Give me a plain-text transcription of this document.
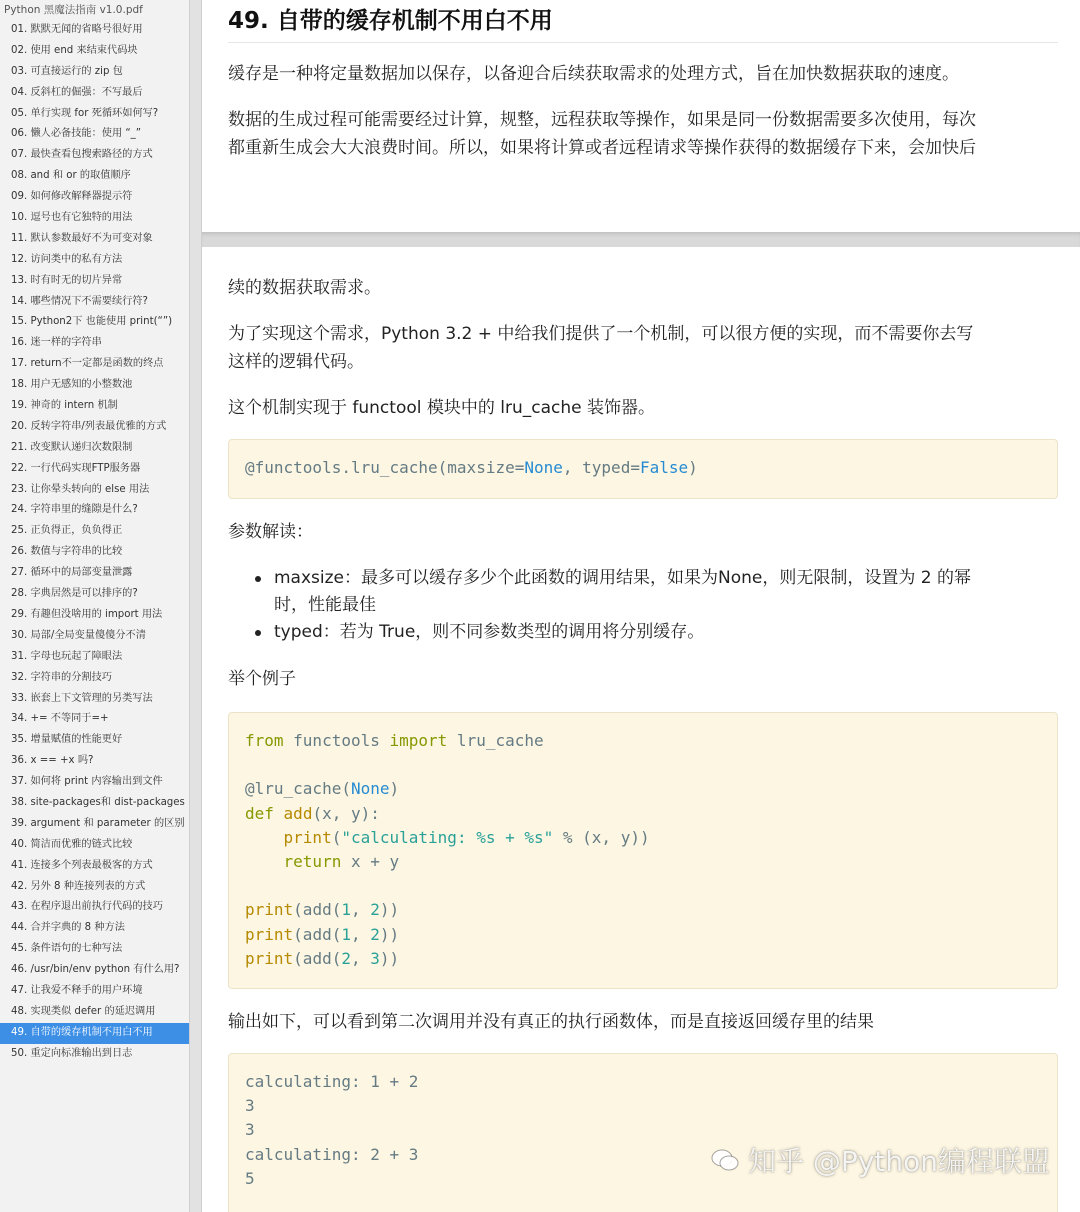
Python 黑魔法指南 v1.0.pdf
01. 默默无闻的省略号很好用
02. 使用 end 来结束代码块
03. 可直接运行的 zip 包
04. 反斜杠的倔强：不写最后
05. 单行实现 for 死循环如何写?
06. 懒人必备技能：使用 “_”
07. 最快查看包搜索路径的方式
08. and 和 or 的取值顺序
09. 如何修改解释器提示符
10. 逗号也有它独特的用法
11. 默认参数最好不为可变对象
12. 访问类中的私有方法
13. 时有时无的切片异常
14. 哪些情况下不需要续行符?
15. Python2下 也能使用 print(“”)
16. 迷一样的字符串
17. return不一定都是函数的终点
18. 用户无感知的小整数池
19. 神奇的 intern 机制
20. 反转字符串/列表最优雅的方式
21. 改变默认递归次数限制
22. 一行代码实现FTP服务器
23. 让你晕头转向的 else 用法
24. 字符串里的缝隙是什么?
25. 正负得正，负负得正
26. 数值与字符串的比较
27. 循环中的局部变量泄露
28. 字典居然是可以排序的?
29. 有趣但没啥用的 import 用法
30. 局部/全局变量傻傻分不清
31. 字母也玩起了障眼法
32. 字符串的分割技巧
33. 嵌套上下文管理的另类写法
34. += 不等同于=+
35. 增量赋值的性能更好
36. x == +x 吗?
37. 如何将 print 内容输出到文件
38. site-packages和 dist-packages
39. argument 和 parameter 的区别
40. 简洁而优雅的链式比较
41. 连接多个列表最极客的方式
42. 另外 8 种连接列表的方式
43. 在程序退出前执行代码的技巧
44. 合并字典的 8 种方法
45. 条件语句的七种写法
46. /usr/bin/env python 有什么用?
47. 让我爱不释手的用户环境
48. 实现类似 defer 的延迟调用
49. 自带的缓存机制不用白不用
50. 重定向标准输出到日志
49. 自带的缓存机制不用白不用

缓存是一种将定量数据加以保存，以备迎合后续获取需求的处理方式，旨在加快数据获取的速度。

数据的生成过程可能需要经过计算，规整，远程获取等操作，如果是同一份数据需要多次使用，每次
都重新生成会大大浪费时间。所以，如果将计算或者远程请求等操作获得的数据缓存下来，会加快后

续的数据获取需求。

为了实现这个需求，Python 3.2 + 中给我们提供了一个机制，可以很方便的实现，而不需要你去写
这样的逻辑代码。

这个机制实现于 functool 模块中的 lru_cache 装饰器。

@functools.lru_cache(maxsize=None, typed=False)

参数解读：

maxsize：最多可以缓存多少个此函数的调用结果，如果为None，则无限制，设置为 2 的幂
时，性能最佳
typed：若为 True，则不同参数类型的调用将分别缓存。

举个例子

from functools import lru_cache

@lru_cache(None)
def add(x, y):
print("calculating: %s + %s" % (x, y))
return x + y

print(add(1, 2))
print(add(1, 2))
print(add(2, 3))

输出如下，可以看到第二次调用并没有真正的执行函数体，而是直接返回缓存里的结果

calculating: 1 + 2
3
3
calculating: 2 + 3
5
知乎 @Python编程联盟
